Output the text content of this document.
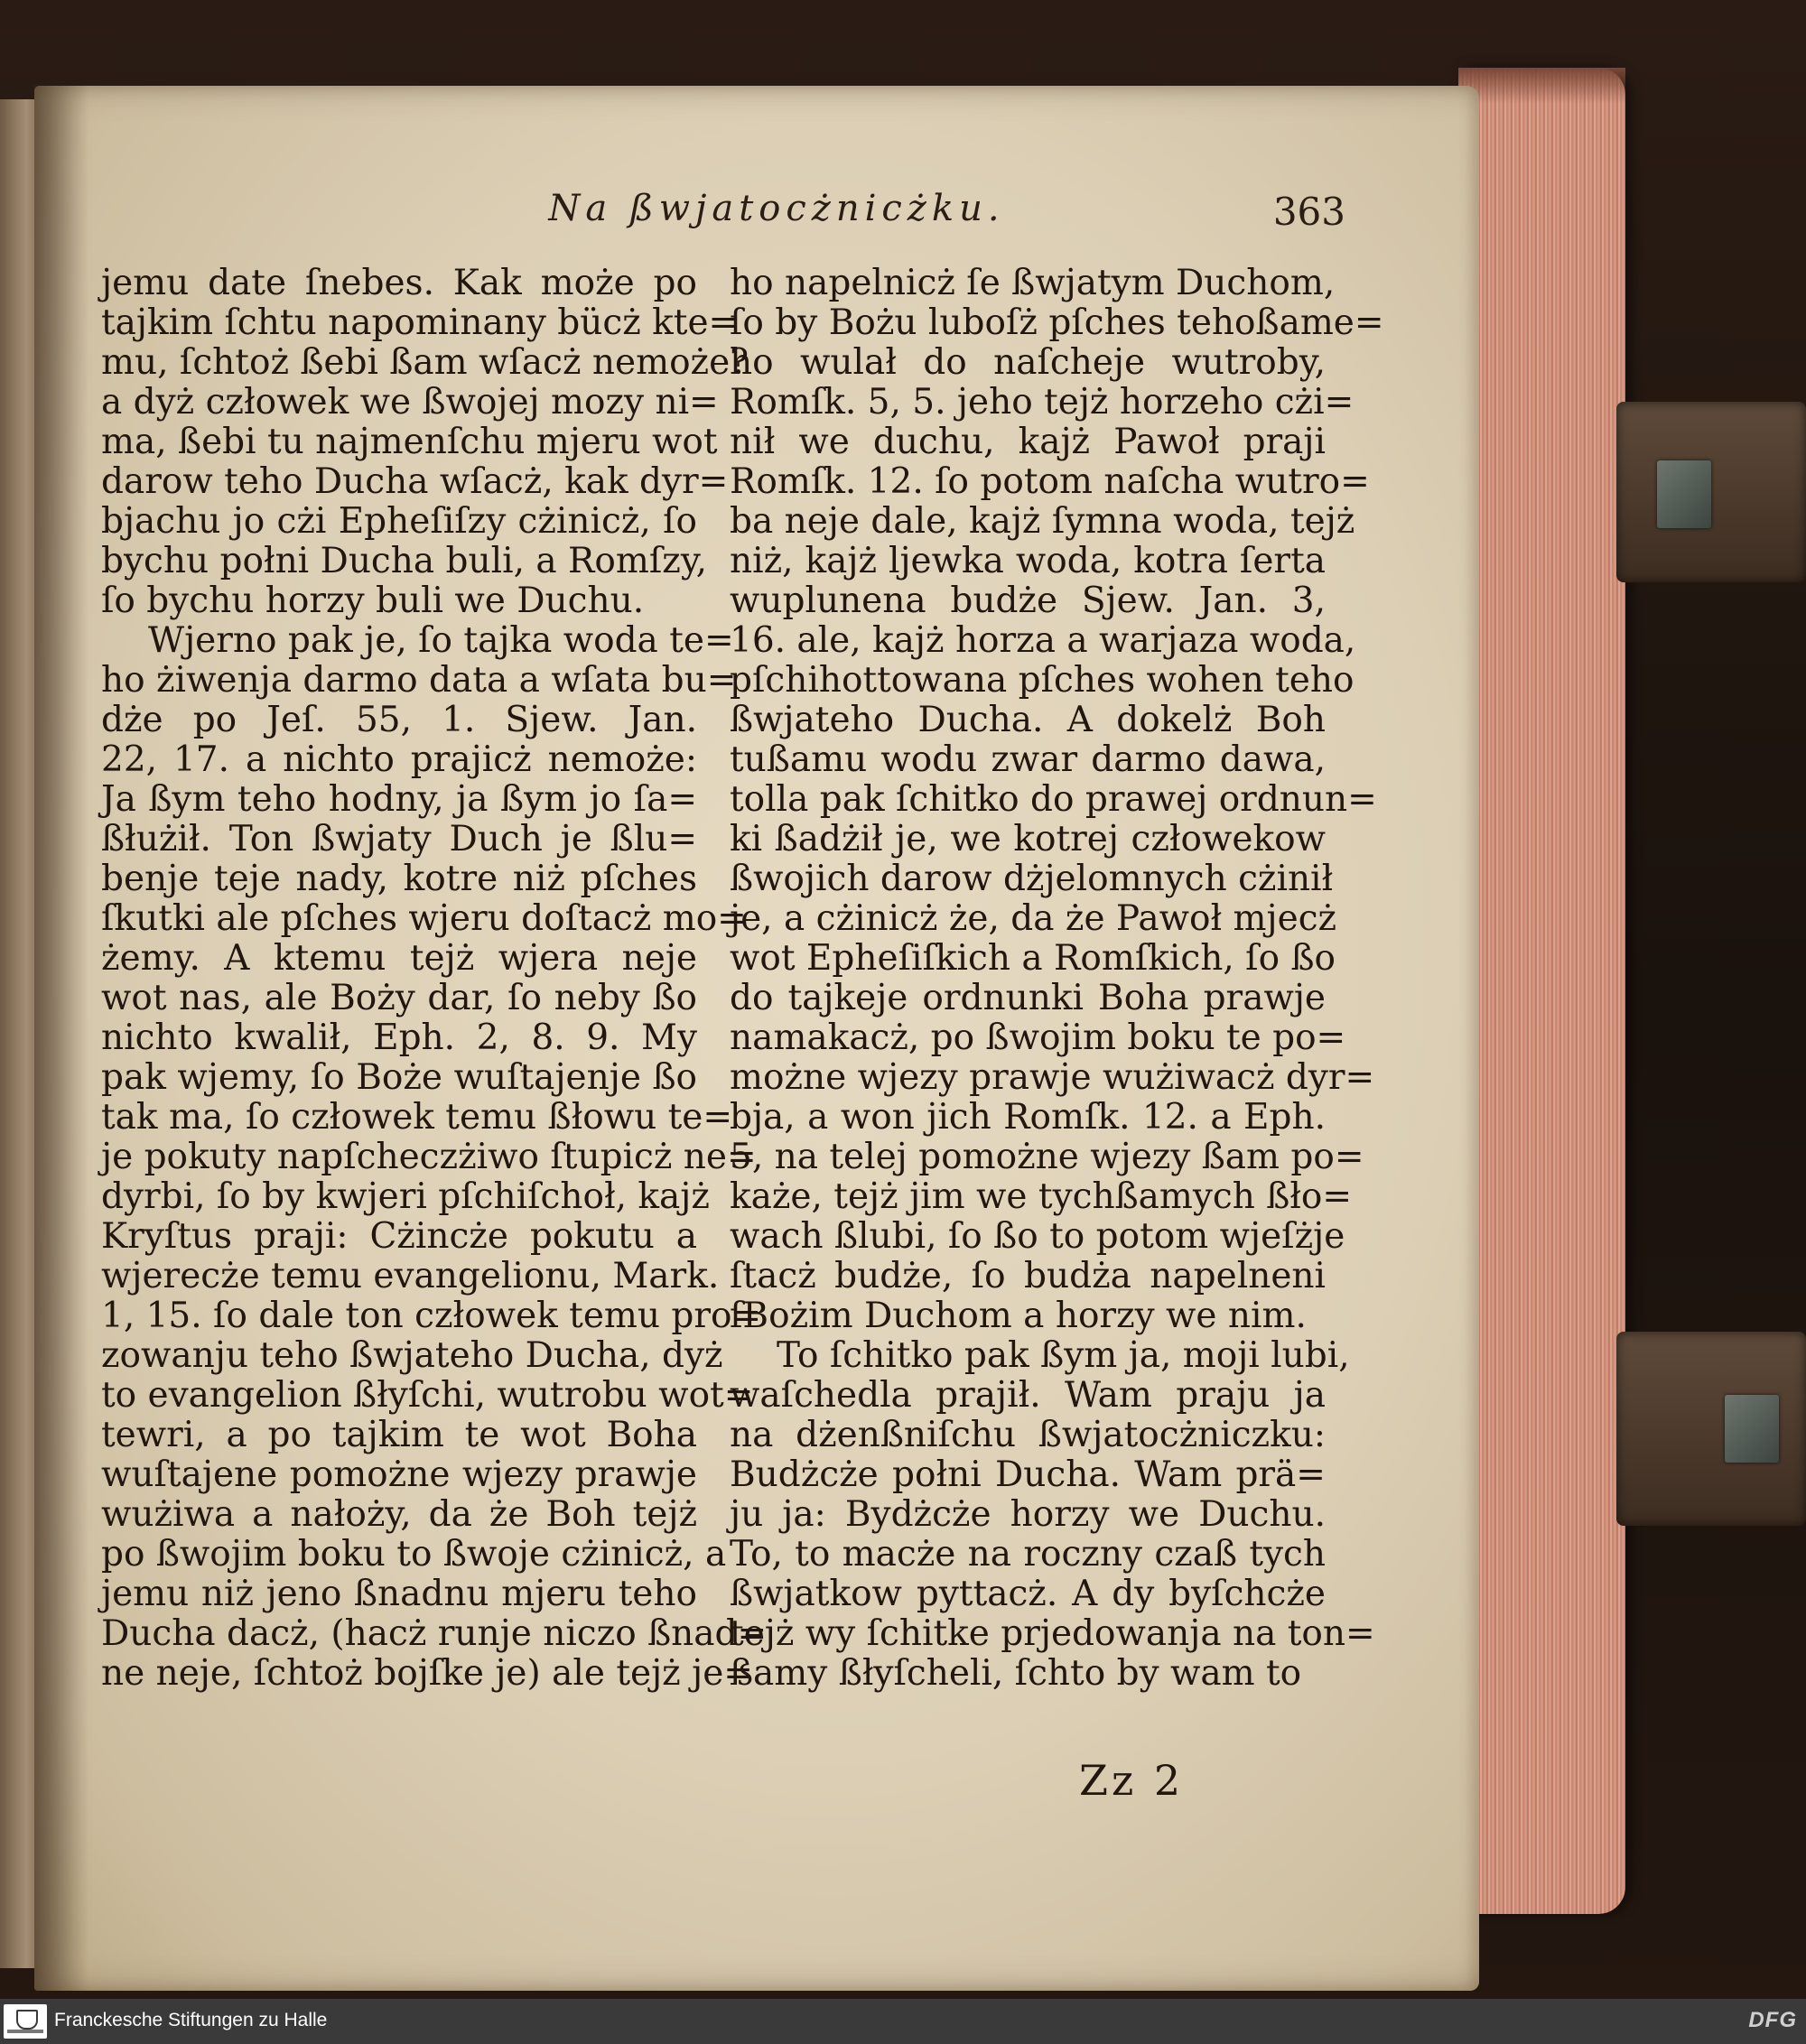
Na ßwjatocżnicżku.	363
jemu date ſnebes. Kak może po
tajkim ſchtu napominany bücż kte=
mu, ſchtoż ßebi ßam wſacż nemoże?
a dyż człowek we ßwojej mozy ni=
ma, ßebi tu najmenſchu mjeru wot
darow teho Ducha wſacż, kak dyr=
bjachu jo cżi Epheſiſzy cżinicż, ſo
bychu połni Ducha buli, a Romſzy,
ſo bychu horzy buli we Duchu.
Wjerno pak je, ſo tajka woda te=
ho żiwenja darmo data a wſata bu=
dże po Jeſ. 55, 1. Sjew. Jan.
22, 17. a nichto prajicż nemoże:
Ja ßym teho hodny, ja ßym jo ſa=
ßłużił. Ton ßwjaty Duch je ßlu=
benje teje nady, kotre niż pſches
ſkutki ale pſches wjeru doſtacż mo=
żemy. A ktemu tejż wjera neje
wot nas, ale Boży dar, ſo neby ßo
nichto kwalił, Eph. 2, 8. 9. My
pak wjemy, ſo Bożе wuſtajenje ßo
tak ma, ſo człowek temu ßłowu te=
je pokuty napſcheczżiwo ſtupicż ne=
dyrbi, ſo by kwjeri pſchiſchoł, kajż
Kryſtus praji: Cżincże pokutu a
wjerecże temu evangelionu, Mark.
1, 15. ſo dale ton człowek temu pro=
zowanju teho ßwjateho Ducha, dyż
to evangelion ßłyſchi, wutrobu wot=
tewri, a po tajkim te wot Boha
wuſtajene pomożne wjezy prawje
wużiwa a nałoży, da że Boh tejż
po ßwojim boku to ßwoje cżinicż, a
jemu niż jeno ßnadnu mjeru teho
Ducha dacż, (hacż runje niczo ßnad=
ne neje, ſchtoż bojſke je) ale tejż je=
ho napelnicż ſe ßwjatym Duchom,
ſo by Bożu luboſż pſches tehoßame=
ho wulał do naſcheje wutroby,
Romſk. 5, 5. jeho tejż horzeho cżi=
nił we duchu, kajż Pawoł praji
Romſk. 12. ſo potom naſcha wutro=
ba neje dale, kajż ſymna woda, tejż
niż, kajż ljewka woda, kotra ſerta
wuplunena budże Sjew. Jan. 3,
16. ale, kajż horza a warjaza woda,
pſchihottowana pſches wohen teho
ßwjateho Ducha. A dokelż Boh
tußamu wodu zwar darmo dawa,
tolla pak ſchitko do prawej ordnun=
ki ßadżił je, we kotrej człowekow
ßwojich darow dżjelomnych cżinił
je, a cżinicż że, da że Pawoł mjecż
wot Epheſiſkich a Romſkich, ſo ßo
do tajkeje ordnunki Boha prawje
namakacż, po ßwojim boku te po=
możne wjezy prawje wużiwacż dyr=
bja, a won jich Romſk. 12. a Eph.
5, na telej pomożne wjezy ßam po=
każe, tejż jim we tychßamych ßło=
wach ßlubi, ſo ßo to potom wjeſżje
ſtacż budże, ſo budża napelneni
ſBożim Duchom a horzy we nim.
To ſchitko pak ßym ja, moji lubi,
waſchedla prajił. Wam praju ja
na dżenßniſchu ßwjatocżniczku:
Budżcże połni Ducha. Wam prä=
ju ja: Bydżcże horzy we Duchu.
To, to macże na roczny czaß tych
ßwjatkow pyttacż. A dy byſchcże
tejż wy ſchitke prjedowanja na ton=
ßamy ßłyſcheli, ſchto by wam to
Zz 2
Franckesche Stiftungen zu Halle	DFG
